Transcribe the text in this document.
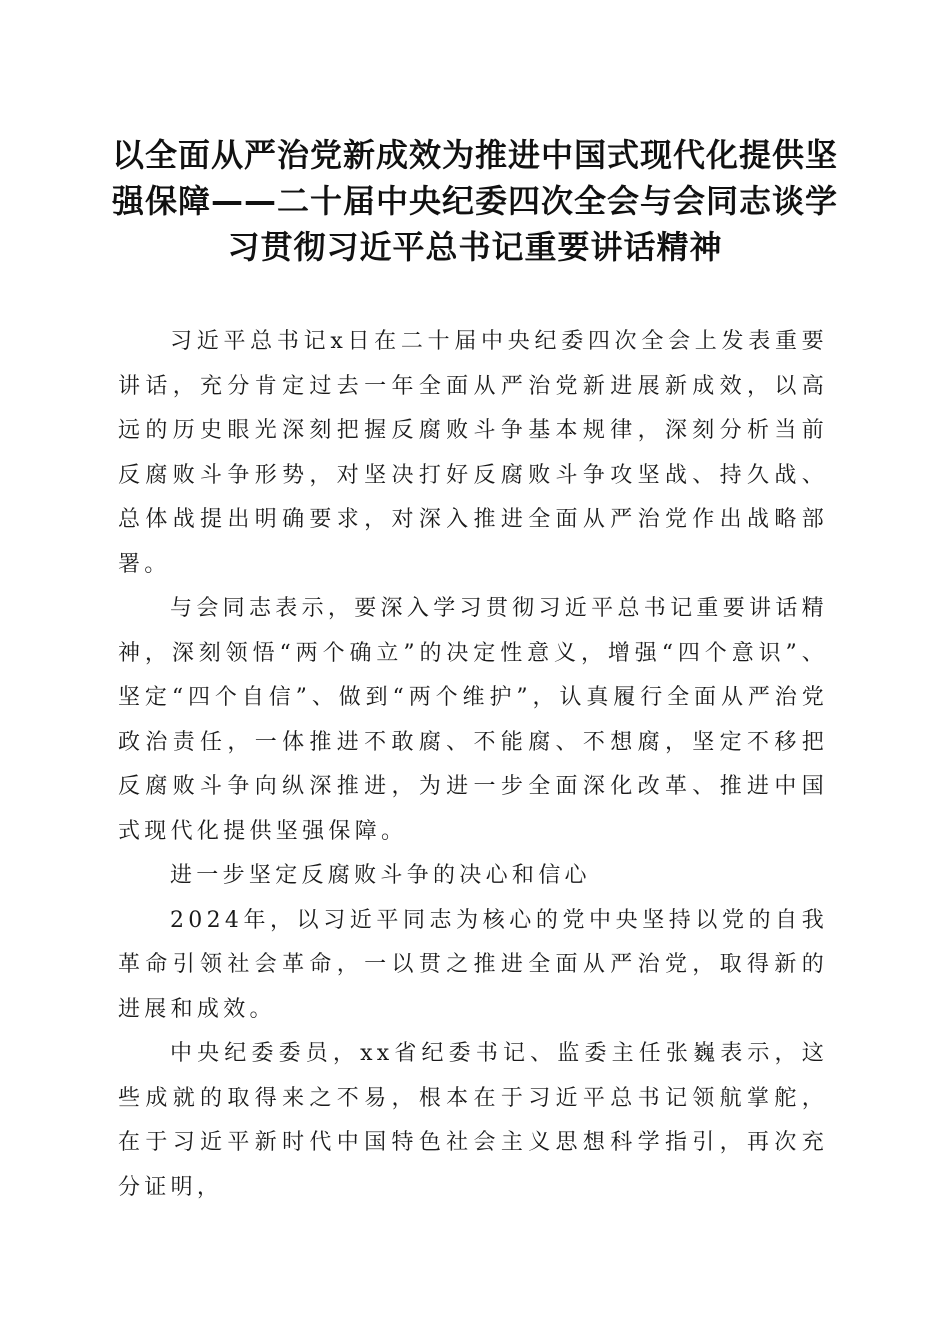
以全面从严治党新成效为推进中国式现代化提供坚强保障——二十届中央纪委四次全会与会同志谈学习贯彻习近平总书记重要讲话精神

习近平总书记x日在二十届中央纪委四次全会上发表重要讲话，充分肯定过去一年全面从严治党新进展新成效，以高远的历史眼光深刻把握反腐败斗争基本规律，深刻分析当前反腐败斗争形势，对坚决打好反腐败斗争攻坚战、持久战、总体战提出明确要求，对深入推进全面从严治党作出战略部署。

与会同志表示，要深入学习贯彻习近平总书记重要讲话精神，深刻领悟“两个确立”的决定性意义，增强“四个意识”、坚定“四个自信”、做到“两个维护”，认真履行全面从严治党政治责任，一体推进不敢腐、不能腐、不想腐，坚定不移把反腐败斗争向纵深推进，为进一步全面深化改革、推进中国式现代化提供坚强保障。

进一步坚定反腐败斗争的决心和信心

2024年，以习近平同志为核心的党中央坚持以党的自我革命引领社会革命，一以贯之推进全面从严治党，取得新的进展和成效。

中央纪委委员，xx省纪委书记、监委主任张巍表示，这些成就的取得来之不易，根本在于习近平总书记领航掌舵，在于习近平新时代中国特色社会主义思想科学指引，再次充分证明，
